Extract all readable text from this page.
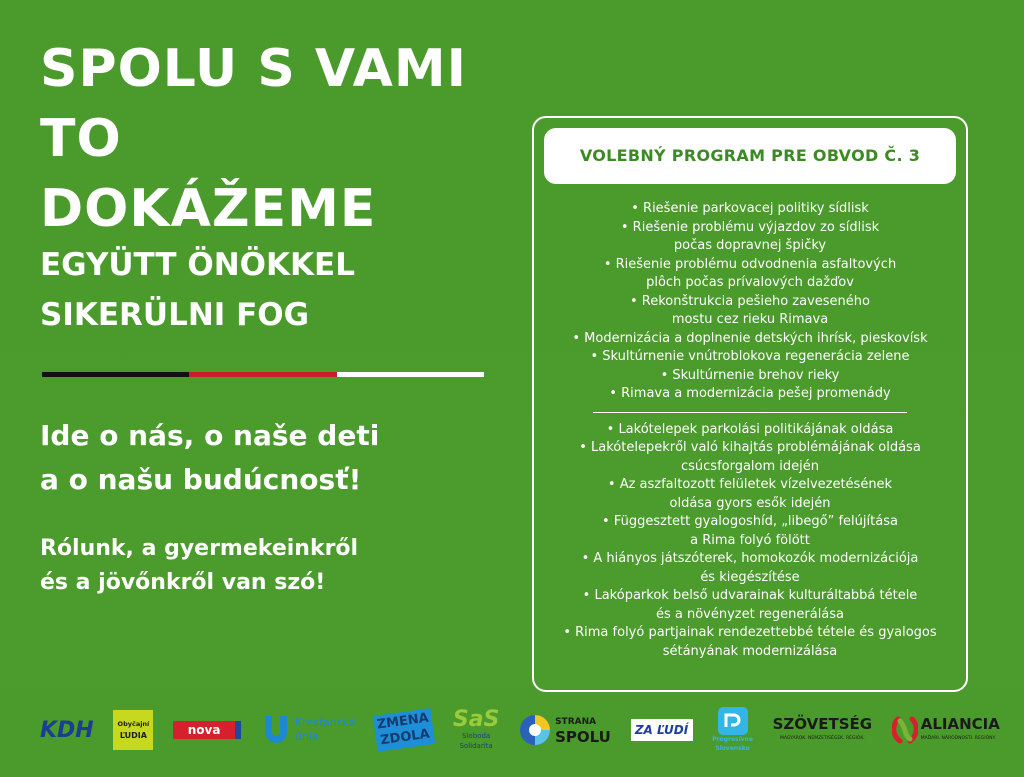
SPOLU S VAMI TO
DOKÁŽEME
EGYÜTT ÖNÖKKEL
SIKERÜLNI FOG
Ide o nás, o naše deti
a o našu budúcnosť!
Rólunk, a gyermekeinkről
és a jövőnkről van szó!
VOLEBNÝ PROGRAM PRE OBVOD Č. 3
• Riešenie parkovacej politiky sídlisk
• Riešenie problému výjazdov zo sídlisk
počas dopravnej špičky
• Riešenie problému odvodnenia asfaltových
plôch počas prívalových dažďov
• Rekonštrukcia pešieho zaveseného
mostu cez rieku Rimava
• Modernizácia a doplnenie detských ihrísk, pieskovísk
• Skultúrnenie vnútroblokova regenerácia zelene
• Skultúrnenie brehov rieky
• Rimava a modernizácia pešej promenády
• Lakótelepek parkolási politikájának oldása
• Lakótelepekről való kihajtás problémájának oldása
csúcsforgalom idején
• Az aszfaltozott felületek vízelvezetésének
oldása gyors esők idején
• Függesztett gyalogoshíd, „libegő” felújítása
a Rima folyó fölött
• A hiányos játszóterek, homokozók modernizációja
és kiegészítése
• Lakóparkok belső udvarainak kulturáltabbá tétele
és a növényzet regenerálása
• Rima folyó partjainak rendezettebbé tétele és gyalogos
sétányának modernizálása
KDH	Obyčajní
ĽUDIA	nova
Kresťanská
únia
ZMENA
ZDOLA
SaS
Sloboda
Solidarita
STRANA
SPOLU ZA ĽUDÍ
Progresívne
Slovensko
SZÖVETSÉG
MAGYAROK. NEMZETISÉGEK. RÉGIÓK.
ALIANCIA
MAĎARI. NÁRODNOSTI. REGIÓNY.
